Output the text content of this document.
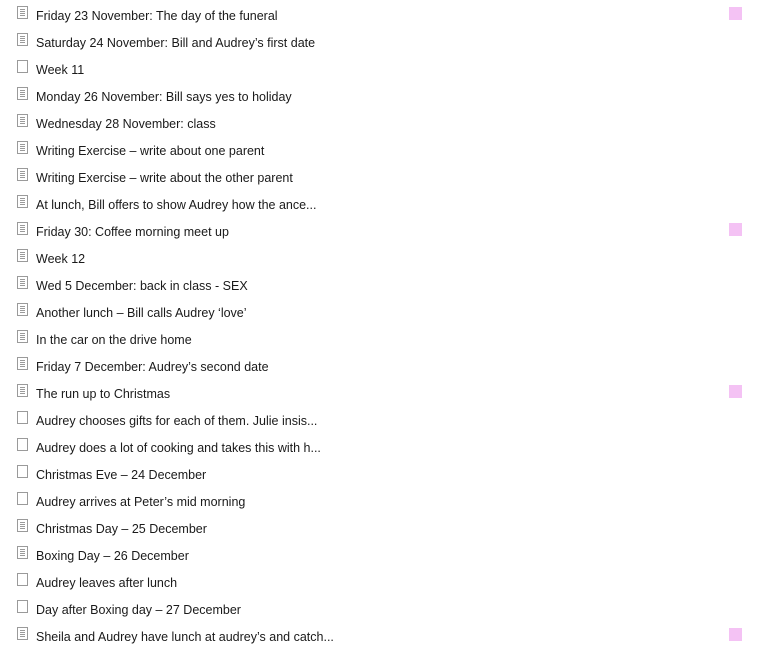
Friday 23 November: The day of the funeral
Saturday 24 November: Bill and Audrey’s first date
Week 11
Monday 26 November: Bill says yes to holiday
Wednesday 28 November: class
Writing Exercise – write about one parent
Writing Exercise – write about the other parent
At lunch, Bill offers to show Audrey how the ance...
Friday 30: Coffee morning meet up
Week 12
Wed 5 December: back in class - SEX
Another lunch – Bill calls Audrey ‘love’
In the car on the drive home
Friday 7 December: Audrey’s second date
The run up to Christmas
Audrey chooses gifts for each of them. Julie insis...
Audrey does a lot of cooking and takes this with h...
Christmas Eve – 24 December
Audrey arrives at Peter’s mid morning
Christmas Day – 25 December
Boxing Day – 26 December
Audrey leaves after lunch
Day after Boxing day – 27 December
Sheila and Audrey have lunch at audrey’s and catch...
